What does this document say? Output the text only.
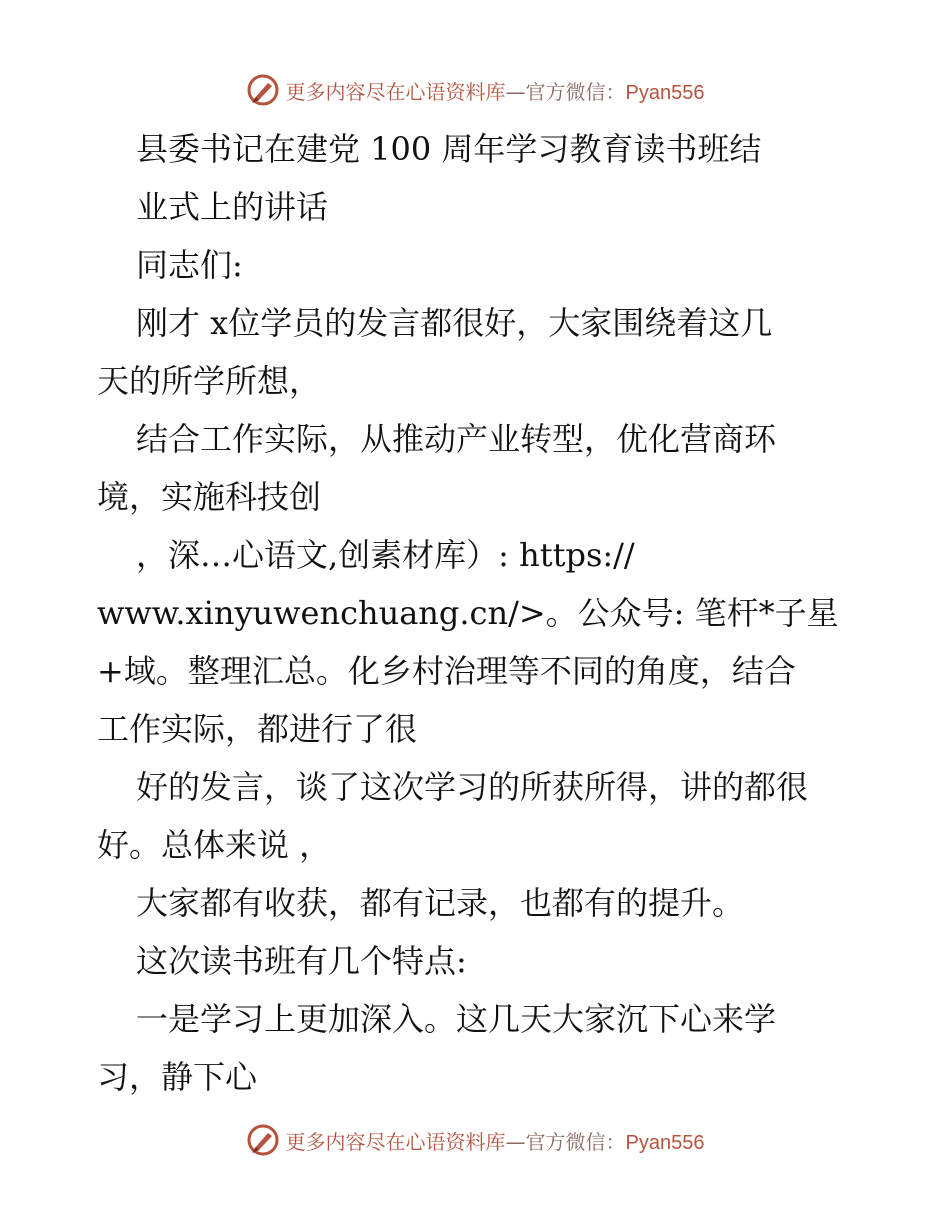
更多内容尽在心语资料库—官方微信：Pyan556
县委书记在建党 100 周年学习教育读书班结
业式上的讲话
同志们:
刚才 x位学员的发言都很好，大家围绕着这几
天的所学所想，
结合工作实际，从推动产业转型，优化营商环
境，实施科技创
，深…心语文,创素材库）: https://
www.xinyuwenchuang.cn/>。公众号: 笔杆*子星
+域。整理汇总。化乡村治理等不同的角度，结合
工作实际，都进行了很
好的发言，谈了这次学习的所获所得，讲的都很
好。总体来说 ，
大家都有收获，都有记录，也都有的提升。
这次读书班有几个特点:
一是学习上更加深入。这几天大家沉下心来学
习，静下心
更多内容尽在心语资料库—官方微信：Pyan556
